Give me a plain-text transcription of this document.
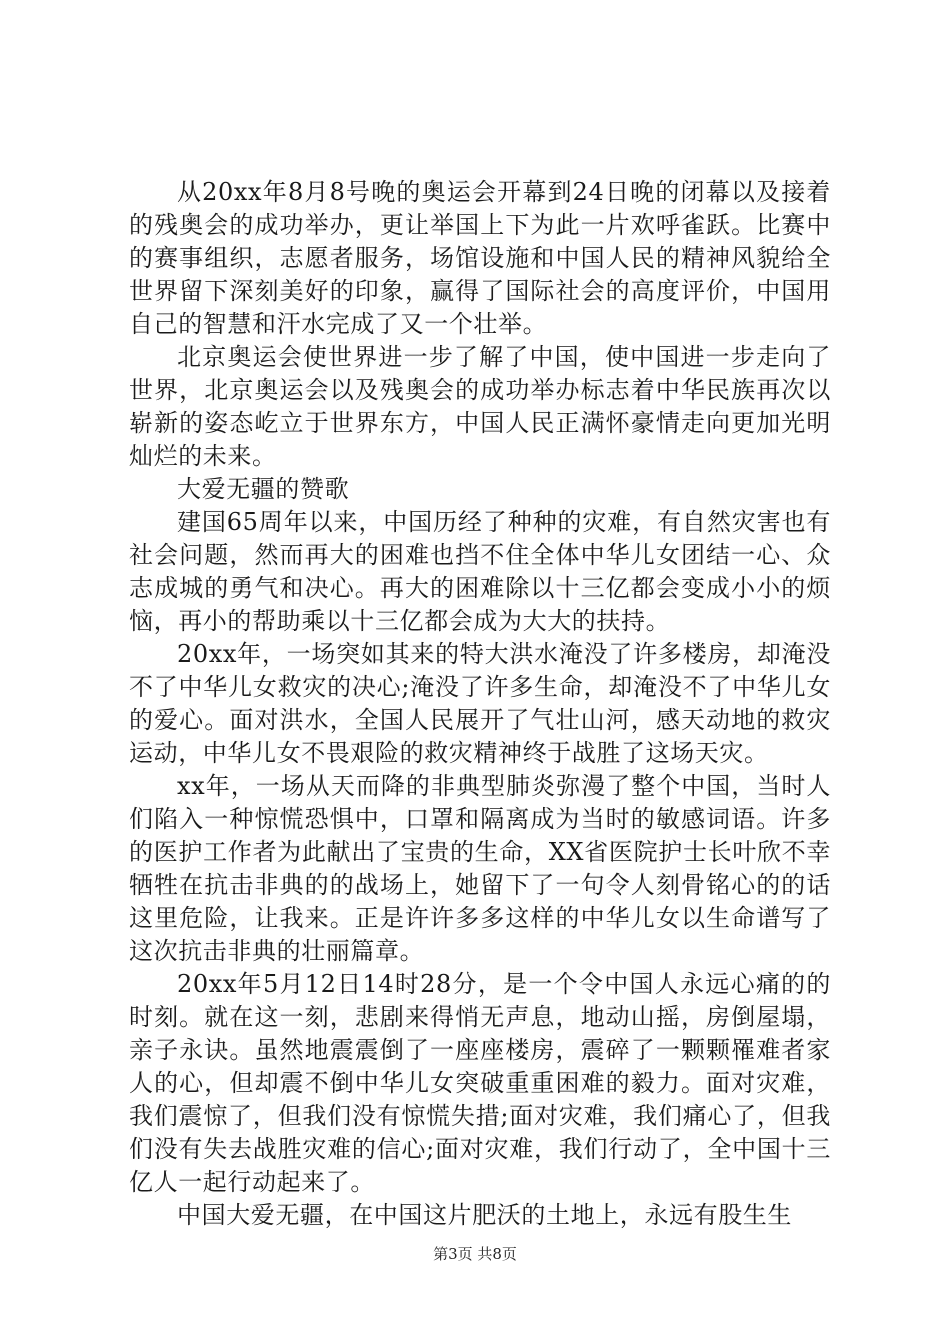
从20xx年8月8号晚的奥运会开幕到24日晚的闭幕以及接着的残奥会的成功举办，更让举国上下为此一片欢呼雀跃。比赛中的赛事组织，志愿者服务，场馆设施和中国人民的精神风貌给全世界留下深刻美好的印象，赢得了国际社会的高度评价，中国用自己的智慧和汗水完成了又一个壮举。

北京奥运会使世界进一步了解了中国，使中国进一步走向了世界，北京奥运会以及残奥会的成功举办标志着中华民族再次以崭新的姿态屹立于世界东方，中国人民正满怀豪情走向更加光明灿烂的未来。

大爱无疆的赞歌

建国65周年以来，中国历经了种种的灾难，有自然灾害也有社会问题，然而再大的困难也挡不住全体中华儿女团结一心、众志成城的勇气和决心。再大的困难除以十三亿都会变成小小的烦恼，再小的帮助乘以十三亿都会成为大大的扶持。

20xx年，一场突如其来的特大洪水淹没了许多楼房，却淹没不了中华儿女救灾的决心;淹没了许多生命，却淹没不了中华儿女的爱心。面对洪水，全国人民展开了气壮山河，感天动地的救灾运动，中华儿女不畏艰险的救灾精神终于战胜了这场天灾。

xx年，一场从天而降的非典型肺炎弥漫了整个中国，当时人们陷入一种惊慌恐惧中，口罩和隔离成为当时的敏感词语。许多的医护工作者为此献出了宝贵的生命，XX省医院护士长叶欣不幸牺牲在抗击非典的的战场上，她留下了一句令人刻骨铭心的的话这里危险，让我来。正是许许多多这样的中华儿女以生命谱写了这次抗击非典的壮丽篇章。

20xx年5月12日14时28分，是一个令中国人永远心痛的的时刻。就在这一刻，悲剧来得悄无声息，地动山摇，房倒屋塌，亲子永诀。虽然地震震倒了一座座楼房，震碎了一颗颗罹难者家人的心，但却震不倒中华儿女突破重重困难的毅力。面对灾难，我们震惊了，但我们没有惊慌失措;面对灾难，我们痛心了，但我们没有失去战胜灾难的信心;面对灾难，我们行动了，全中国十三亿人一起行动起来了。

中国大爱无疆，在中国这片肥沃的土地上，永远有股生生

第3页 共8页
